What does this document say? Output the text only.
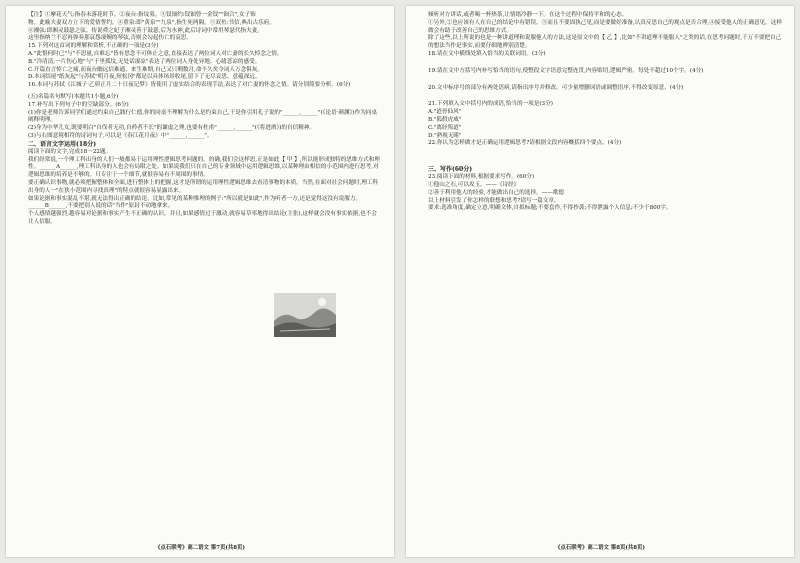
【注】①摩花天气:指春末落花时节。②夜台:指坟墓。③钗钿约:钗钿曾一金钗""钿合",女子饰
物。此喻夫妻双方立下的爱情誓约。④重泉:即"黄泉""九泉",指生死两隔。⑤双鱼:书信,典出古乐府。
⑥湘弦:即湘灵鼓瑟之弦。传说舜之妃子湘灵善于鼓瑟,后为水神,此后诗词中常用琴瑟代指夫妻,
这里指纳兰不忍再弹奏那哀怨凄婉的琴弦,否则会勾起伤亡的哀思。
15.下列对这首词的理解和赏析,不正确的一项是(3分)
A."此恨何时已"与"不思量,自难忘"皆有思念不可休止之意,直接表达了两位词人对亡妻的长久悼念之情。
B."冷清清,一片伤心地"与"千里孤坟,无处话凄凉"表达了两位词人身处异地、心绪悲凉的感受。
C.开篇直言悼亡之痛,而夜台幽远信难通、来生难期,自己又只剩数月,命不久矣令词人万念俱灰。
D.本词结尾"纸灰起"与苏轼"明月夜,短松冈"都是以具体场景收尾,留下了无尽哀思、意蕴深远。
16.本词与苏轼《江城子·乙卯正月二十日夜记梦》皆使用了虚实结合的表现手法,表达了对亡妻的怀念之情。请分别简要分析。(6分)
(五)名篇名句默写(本题共1小题,6分)
17.补写出下列句子中的空缺部分。(6分)
(1)你是老师告诉同学们通过约束自己践行仁德,你的同桌不理解为什么是约束自己,于是你引用孔子说的"______,______"(《论语·颜渊》)作为同桌阐释明理。
(2)身为中华儿女,既要明白"自伐者无功,自矜者不长"的谦虚之理,也要有杜甫"______,______"(《将进酒》)的自信精神。
(3)与右图意境相符的诗词句子,可以是《春江花月夜》中"______,______"。
二、语言文字运用(18分)
阅读下面的文字,完成18～22题。
我们经常说,一个理工科出身的人们一般都易于运用理性逻辑思考问题的。的确,我们会这样思,正是如此【 甲 】,所以能形成独特的思维方式和理性。______A______,理工科出身的人也会有局限之处。如果说我们只在自己的专业领域中运用逻辑思维,以某种理由相信的小范围内进行思考,对逻辑思维的培养是不够的。只专注于一个细节,就很容易有不周围的事情。
要正确认识事物,就必须把握整体和全面,进行整体上的把握,这才是所谓的运用理性逻辑思维去看清事物的本质。当然,在面对社会问题时,理工科出身的人一"在狭小范围内寻找真理"的特点就很容易显露出来。
如果论据和事实混乱不堪,就无法得出正确的结论。比如,常见的某种推理的例子:"所以就是如此",作为听者一方,还是觉得这没有说服力。______B______,不要把别人说的话"当作"原封不动地拿来。
个人感情越强烈,越容易对论据和事实产生不正确的认识。并且,如果感情过于激动,就容易草率地得出结论(主张),这样就会没有事实依据,也不会让人信服。
《点石联考》高二语文 第7页(共8页)
倾听对方讲话,或者喝一杯热茶,让情绪冷静一下。在这个过程中保持平和的心态。
①另外,②也应该有人在自己的结论中有错误。③而且不要固执己见,而是要做好准备,认真反思自己的观点是否合理,④接受他人的正确意见。这样做会有助于改善自己的思维方式。
除了这些,以上所说的也是一种讲道理和说服他人的方法,这是原文中的【 乙 】,比如"不讲道理不能服人"之类的话,在思考问题时,千万不要把自己的想法当作是事实,而要仔细地辨别清楚。
18.请在文中横线处填入恰当的关联词语。(3分)
19.请在文中方括号内补写恰当的语句,使整段文字语意完整连贯,内容贴切,逻辑严密。每处不超过10个字。(4分)
20.文中标序号的部分有两处语病,请指出序号并修改。可少量增删词语或调整语序,不得改变原意。(4分)
21.下列填入文中括号内的成语,恰当的一项是(3分)
A."道骨仙风"
B."狐假虎威"
C."离经叛道"
D."熟视无睹"
22.你认为怎样做才是正确运用逻辑思考?请根据文段内容概括四个要点。(4分)
三、写作(60分)
23.阅读下面的材料,根据要求写作。(60分)
①他山之石,可以攻玉。——《诗经》
②善于利用他人的经验,才能做出自己的选择。——歌德
以上材料引发了你怎样的联想和思考?请写一篇文章。
要求:选准角度,确定立意,明确文体,自拟标题;不要套作,不得抄袭;不得泄露个人信息;不少于800字。
《点石联考》高二语文 第8页(共8页)
